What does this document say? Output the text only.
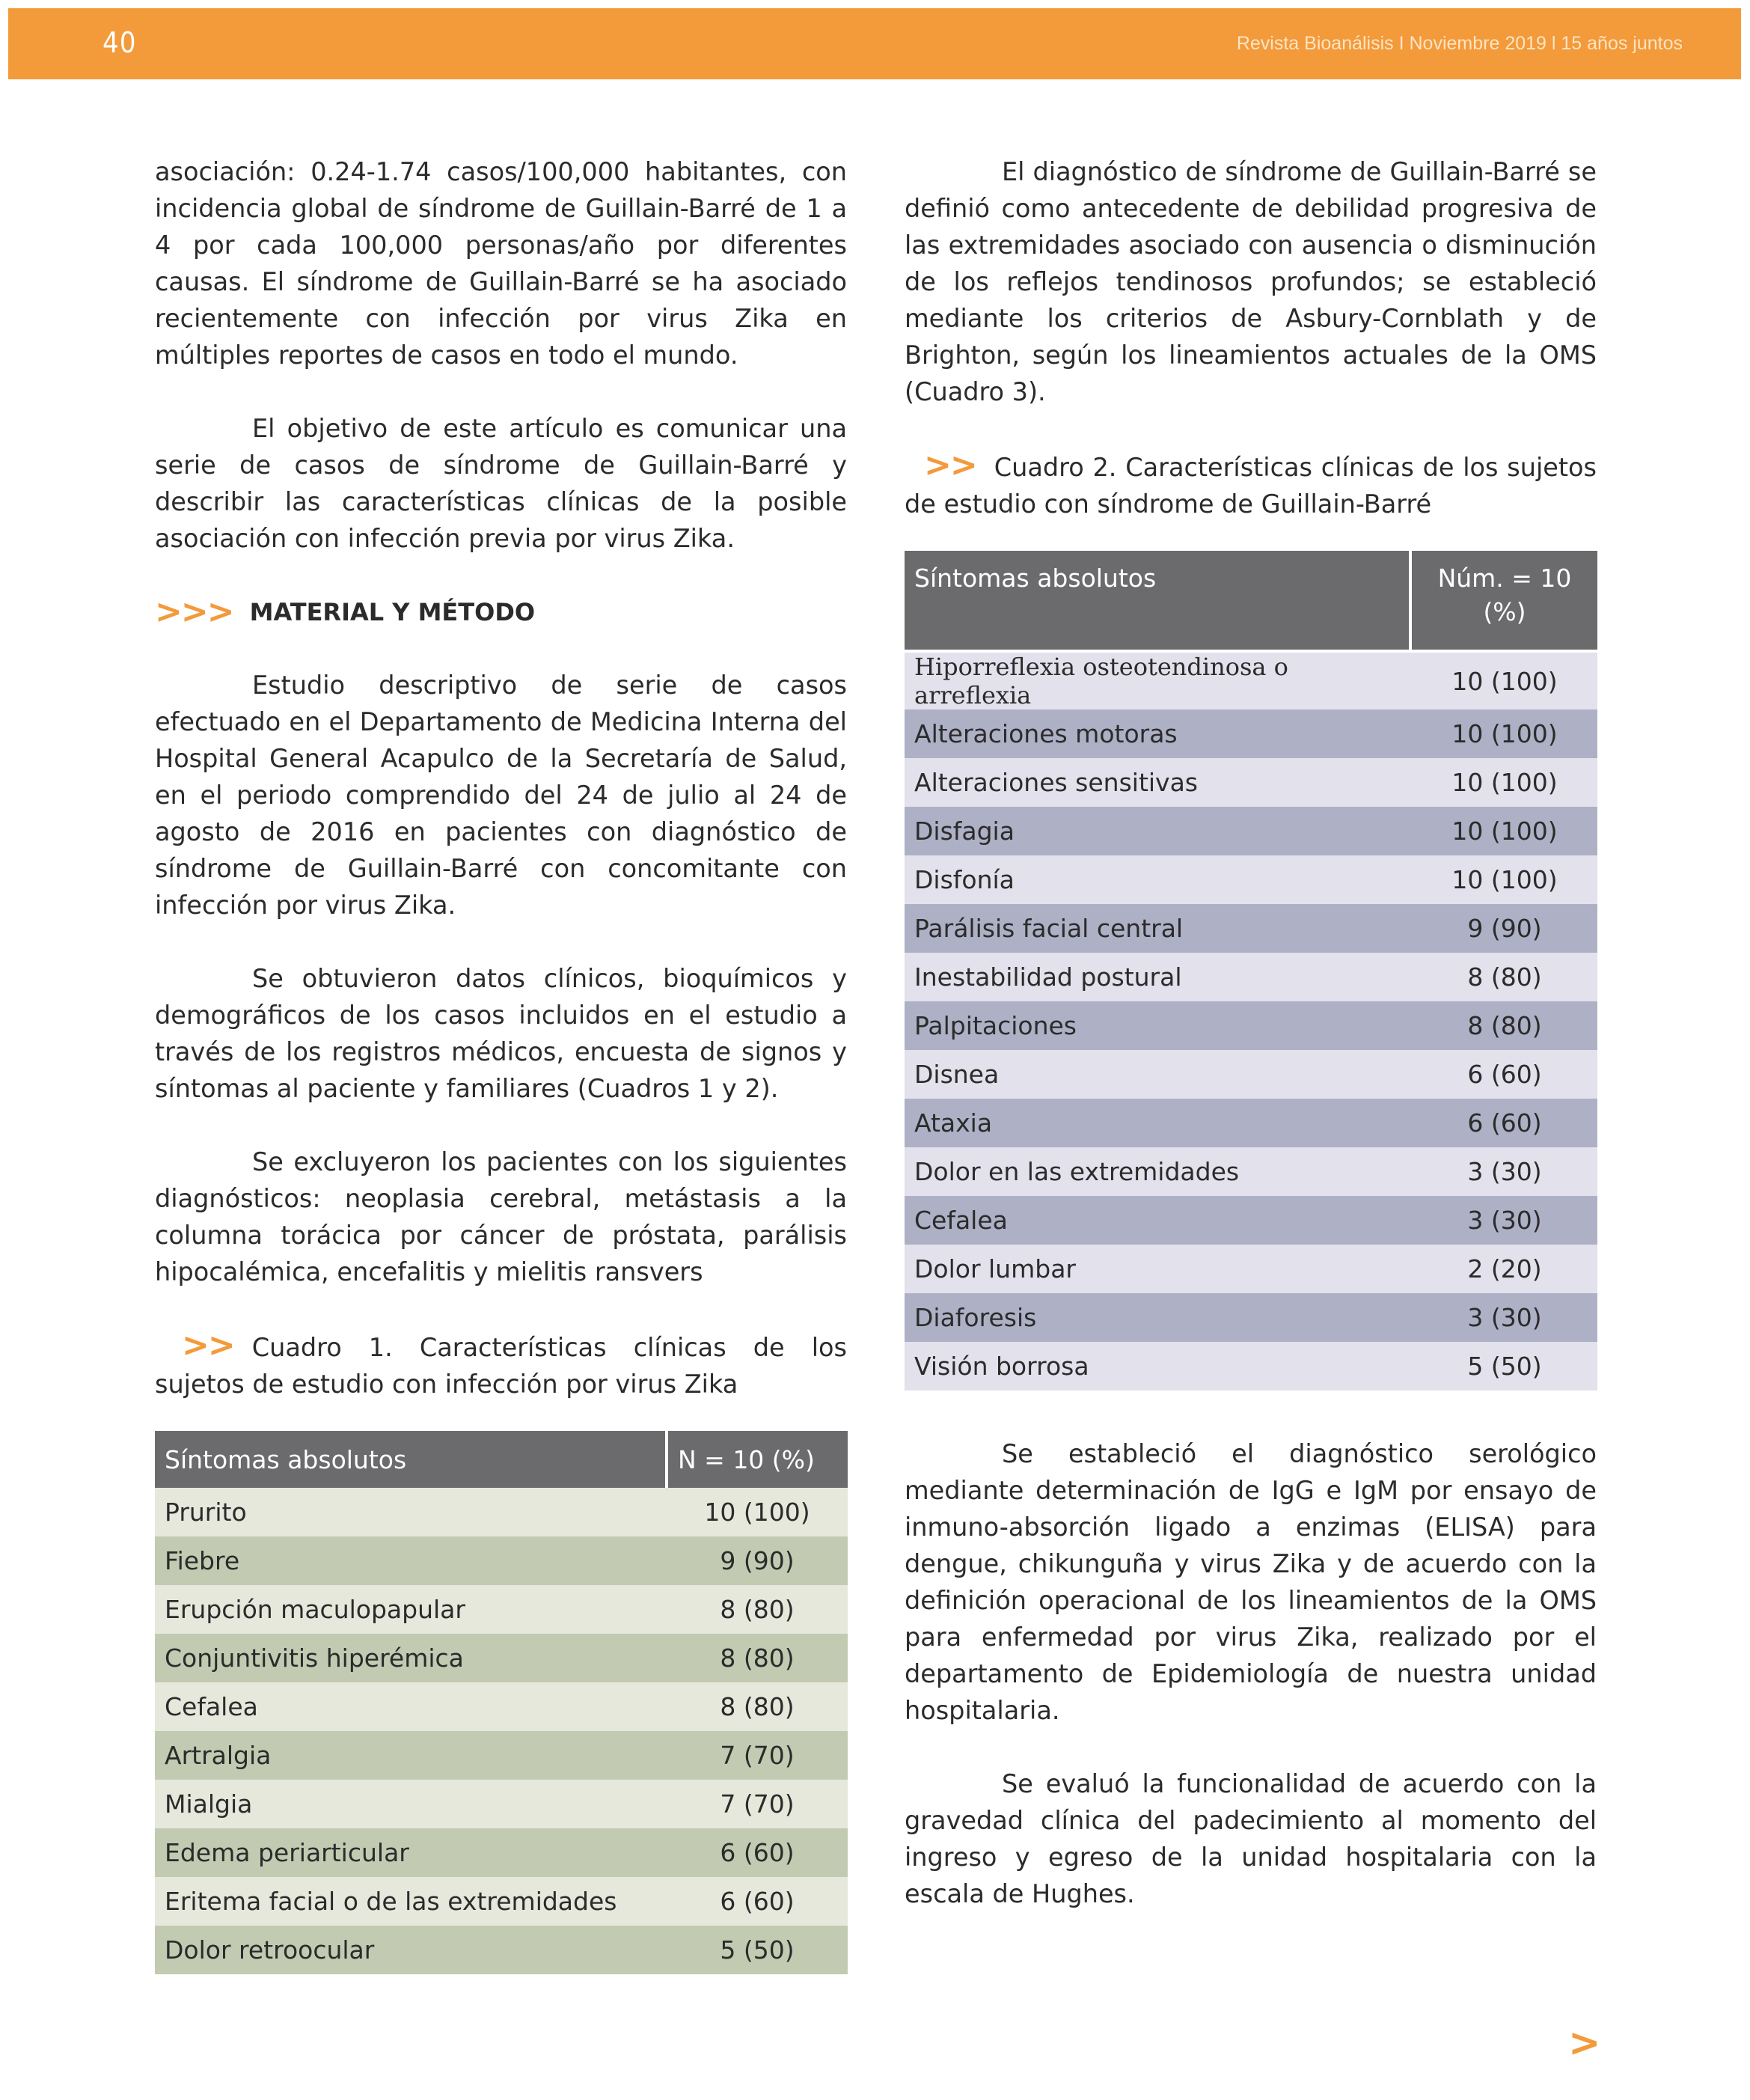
40	Revista Bioanálisis I Noviembre 2019 l 15 años juntos

asociación: 0.24-1.74 casos/100,000 habitantes, con incidencia global de síndrome de Guillain-Barré de 1 a 4 por cada 100,000 personas/año por diferentes causas. El síndrome de Guillain-Barré se ha asociado recientemente con infección por virus Zika en múltiples reportes de casos en todo el mundo.

El objetivo de este artículo es comunicar una serie de casos de síndrome de Guillain-Barré y describir las características clínicas de la posible asociación con infección previa por virus Zika.

>>> MATERIAL Y MÉTODO

Estudio descriptivo de serie de casos efectuado en el Departamento de Medicina Interna del Hospital General Acapulco de la Secretaría de Salud, en el periodo comprendido del 24 de julio al 24 de agosto de 2016 en pacientes con diagnóstico de síndrome de Guillain-Barré con concomitante con infección por virus Zika.

Se obtuvieron datos clínicos, bioquímicos y demográficos de los casos incluidos en el estudio a través de los registros médicos, encuesta de signos y síntomas al paciente y familiares (Cuadros 1 y 2).

Se excluyeron los pacientes con los siguientes diagnósticos: neoplasia cerebral, metástasis a la columna torácica por cáncer de próstata, parálisis hipocalémica, encefalitis y mielitis ransvers

>> Cuadro 1. Características clínicas de los sujetos de estudio con infección por virus Zika

Síntomas absolutos	N = 10 (%)
Prurito	10 (100)
Fiebre	9 (90)
Erupción maculopapular	8 (80)
Conjuntivitis hiperémica	8 (80)
Cefalea	8 (80)
Artralgia	7 (70)
Mialgia	7 (70)
Edema periarticular	6 (60)
Eritema facial o de las extremidades	6 (60)
Dolor retroocular	5 (50)

El diagnóstico de síndrome de Guillain-Barré se definió como antecedente de debilidad progresiva de las extremidades asociado con ausencia o disminución de los reflejos tendinosos profundos; se estableció mediante los criterios de Asbury-Cornblath y de Brighton, según los lineamientos actuales de la OMS (Cuadro 3).

>> Cuadro 2. Características clínicas de los sujetos de estudio con síndrome de Guillain-Barré

Síntomas absolutos	Núm. = 10
(%)
Hiporreflexia osteotendinosa o arreflexia	10 (100)
Alteraciones motoras	10 (100)
Alteraciones sensitivas	10 (100)
Disfagia	10 (100)
Disfonía	10 (100)
Parálisis facial central	9 (90)
Inestabilidad postural	8 (80)
Palpitaciones	8 (80)
Disnea	6 (60)
Ataxia	6 (60)
Dolor en las extremidades	3 (30)
Cefalea	3 (30)
Dolor lumbar	2 (20)
Diaforesis	3 (30)
Visión borrosa	5 (50)

Se estableció el diagnóstico serológico mediante determinación de IgG e IgM por ensayo de inmuno-absorción ligado a enzimas (ELISA) para dengue, chikunguña y virus Zika y de acuerdo con la definición operacional de los lineamientos de la OMS para enfermedad por virus Zika, realizado por el departamento de Epidemiología de nuestra unidad hospitalaria.

Se evaluó la funcionalidad de acuerdo con la gravedad clínica del padecimiento al momento del ingreso y egreso de la unidad hospitalaria con la escala de Hughes.

>
